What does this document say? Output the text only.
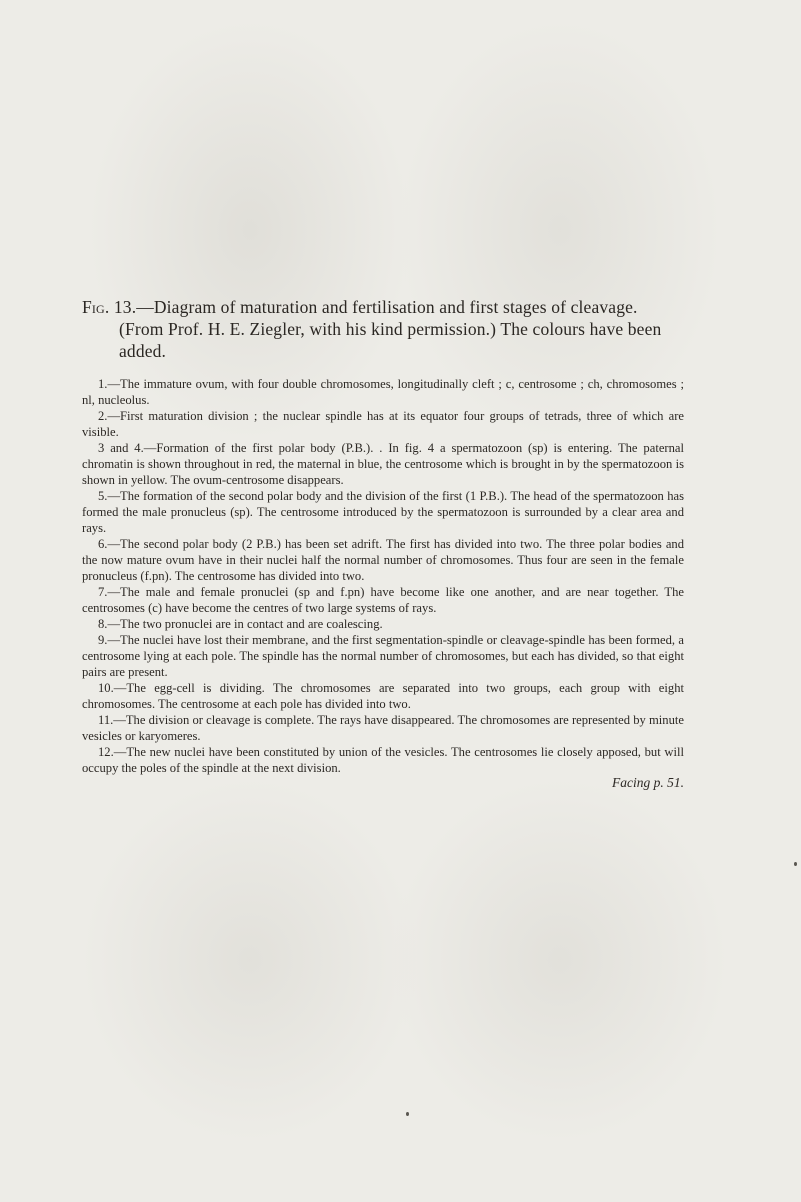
Fig. 13.—Diagram of maturation and fertilisation and first stages of cleavage. (From Prof. H. E. Ziegler, with his kind permission.) The colours have been added.

1.—The immature ovum, with four double chromosomes, longitudinally cleft ; c, centrosome ; ch, chromosomes ; nl, nucleolus.

2.—First maturation division ; the nuclear spindle has at its equator four groups of tetrads, three of which are visible.

3 and 4.—Formation of the first polar body (P.B.). . In fig. 4 a spermatozoon (sp) is entering. The paternal chromatin is shown throughout in red, the maternal in blue, the centrosome which is brought in by the spermatozoon is shown in yellow. The ovum-centrosome disappears.

5.—The formation of the second polar body and the division of the first (1 P.B.). The head of the spermatozoon has formed the male pronucleus (sp). The centrosome introduced by the spermatozoon is surrounded by a clear area and rays.

6.—The second polar body (2 P.B.) has been set adrift. The first has divided into two. The three polar bodies and the now mature ovum have in their nuclei half the normal number of chromosomes. Thus four are seen in the female pronucleus (f.pn). The centrosome has divided into two.

7.—The male and female pronuclei (sp and f.pn) have become like one another, and are near together. The centrosomes (c) have become the centres of two large systems of rays.

8.—The two pronuclei are in contact and are coalescing.

9.—The nuclei have lost their membrane, and the first segmentation-spindle or cleavage-spindle has been formed, a centrosome lying at each pole. The spindle has the normal number of chromosomes, but each has divided, so that eight pairs are present.

10.—The egg-cell is dividing. The chromosomes are separated into two groups, each group with eight chromosomes. The centrosome at each pole has divided into two.

11.—The division or cleavage is complete. The rays have disappeared. The chromosomes are represented by minute vesicles or karyomeres.

12.—The new nuclei have been constituted by union of the vesicles. The centrosomes lie closely apposed, but will occupy the poles of the spindle at the next division.

Facing p. 51.
